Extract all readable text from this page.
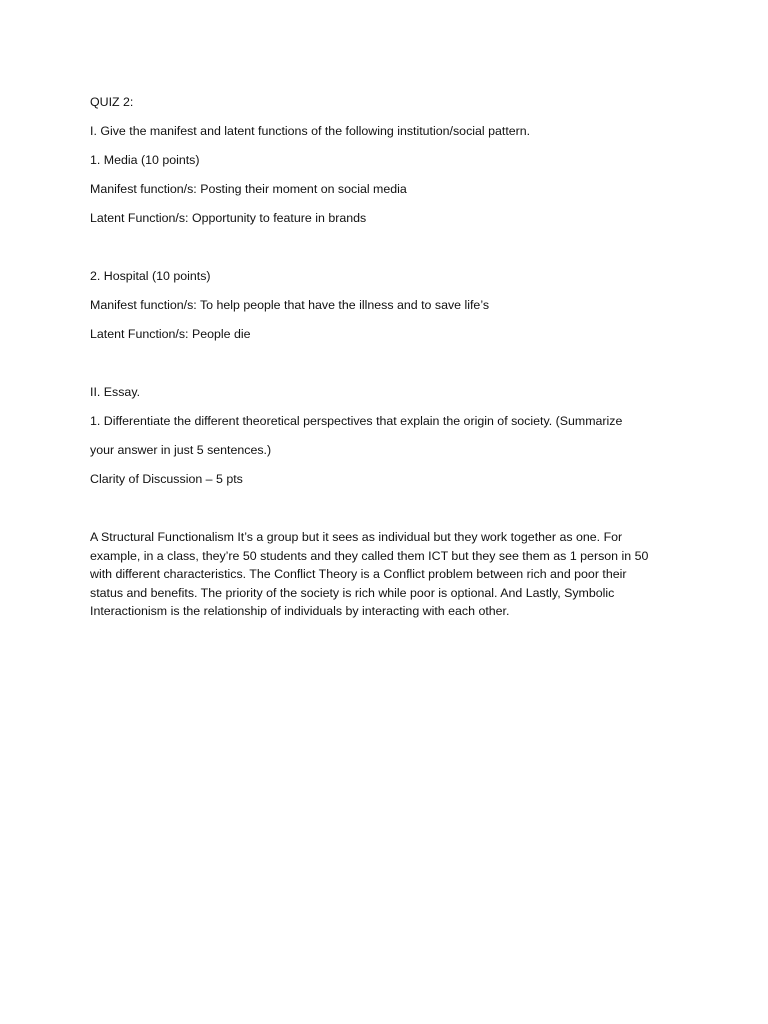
QUIZ 2:
I. Give the manifest and latent functions of the following institution/social pattern.
1. Media (10 points)
Manifest function/s: Posting their moment on social media
Latent Function/s: Opportunity to feature in brands
2. Hospital (10 points)
Manifest function/s: To help people that have the illness and to save life’s
Latent Function/s: People die
II. Essay.
1. Differentiate the different theoretical perspectives that explain the origin of society. (Summarize
your answer in just 5 sentences.)
Clarity of Discussion – 5 pts
A Structural Functionalism It’s a group but it sees as individual but they work together as one. For
example, in a class, they’re 50 students and they called them ICT but they see them as 1 person in 50
with different characteristics. The Conflict Theory is a Conflict problem between rich and poor their
status and benefits. The priority of the society is rich while poor is optional. And Lastly, Symbolic
Interactionism is the relationship of individuals by interacting with each other.
